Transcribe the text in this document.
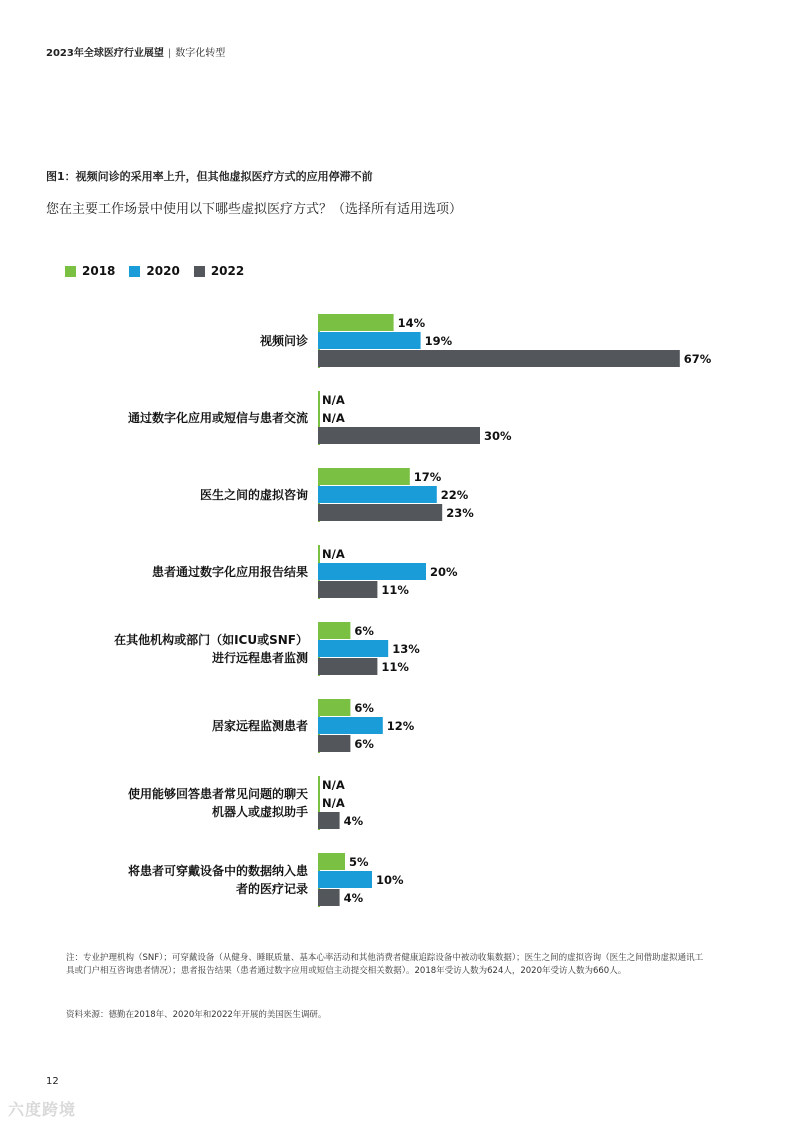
2023年全球医疗行业展望 | 数字化转型
图1：视频问诊的采用率上升，但其他虚拟医疗方式的应用停滞不前
您在主要工作场景中使用以下哪些虚拟医疗方式？（选择所有适用选项）
2018	2020	2022
视频问诊
14%
19%
67%
通过数字化应用或短信与患者交流
N/A
N/A
30%
医生之间的虚拟咨询
17%
22%
23%
患者通过数字化应用报告结果
N/A
20%
11%
在其他机构或部门（如ICU或SNF）
进行远程患者监测
6%
13%
11%
居家远程监测患者
6%
12%
6%
使用能够回答患者常见问题的聊天
机器人或虚拟助手
N/A
N/A
4%
将患者可穿戴设备中的数据纳入患
者的医疗记录
5%
10%
4%
注：专业护理机构（SNF）；可穿戴设备（从健身、睡眠质量、基本心率活动和其他消费者健康追踪设备中被动收集数据）；医生之间的虚拟咨询（医生之间借助虚拟通讯工具或门户相互咨询患者情况）；患者报告结果（患者通过数字应用或短信主动提交相关数据）。2018年受访人数为624人，2020年受访人数为660人。
资料来源：德勤在2018年、2020年和2022年开展的美国医生调研。
12
六度跨境
